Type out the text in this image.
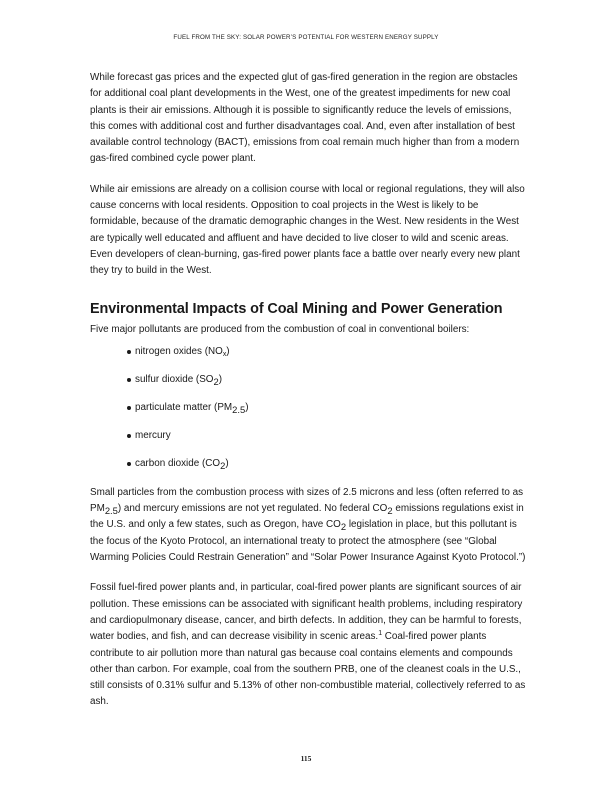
FUEL FROM THE SKY: SOLAR POWER’S POTENTIAL FOR WESTERN ENERGY SUPPLY

While forecast gas prices and the expected glut of gas-fired generation in the region are obstacles for additional coal plant developments in the West, one of the greatest impediments for new coal plants is their air emissions. Although it is possible to significantly reduce the levels of emissions, this comes with additional cost and further disadvantages coal. And, even after installation of best available control technology (BACT), emissions from coal remain much higher than from a modern gas-fired combined cycle power plant.

While air emissions are already on a collision course with local or regional regulations, they will also cause concerns with local residents. Opposition to coal projects in the West is likely to be formidable, because of the dramatic demographic changes in the West. New residents in the West are typically well educated and affluent and have decided to live closer to wild and scenic areas. Even developers of clean-burning, gas-fired power plants face a battle over nearly every new plant they try to build in the West.

Environmental Impacts of Coal Mining and Power Generation

Five major pollutants are produced from the combustion of coal in conventional boilers:

nitrogen oxides $(NO_x)$
sulfur dioxide $(SO_2)$
particulate matter $(PM_{2.5})$
mercury
carbon dioxide $(CO_2)$

Small particles from the combustion process with sizes of 2.5 microns and less (often referred to as $PM_{2.5}$) and mercury emissions are not yet regulated. No federal $CO_2$ emissions regulations exist in the U.S. and only a few states, such as Oregon, have $CO_2$ legislation in place, but this pollutant is the focus of the Kyoto Protocol, an international treaty to protect the atmosphere (see “Global Warming Policies Could Restrain Generation” and “Solar Power Insurance Against Kyoto Protocol.”)

Fossil fuel-fired power plants and, in particular, coal-fired power plants are significant sources of air pollution. These emissions can be associated with significant health problems, including respiratory and cardiopulmonary disease, cancer, and birth defects. In addition, they can be harmful to forests, water bodies, and fish, and can decrease visibility in scenic areas.$^1$ Coal-fired power plants contribute to air pollution more than natural gas because coal contains elements and compounds other than carbon. For example, coal from the southern PRB, one of the cleanest coals in the U.S., still consists of 0.31% sulfur and 5.13% of other non-combustible material, collectively referred to as ash.

115
